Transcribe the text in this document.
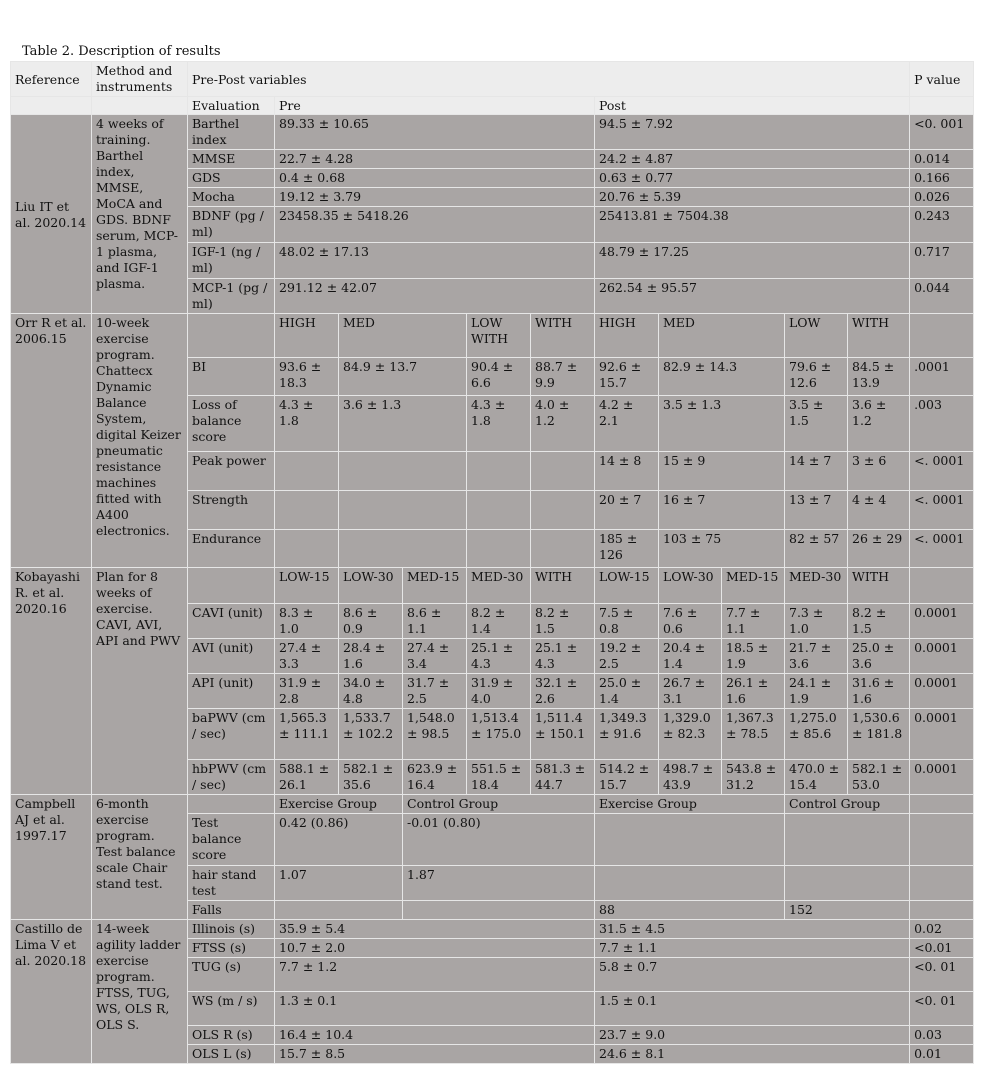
Table 2. Description of results
Reference	Method and instruments	Pre-Post variables											P value
		Evaluation	Pre					Post					
Liu IT et al. 2020.14	4 weeks of training. Barthel index, MMSE, MoCA and GDS. BDNF serum, MCP-1 plasma, and IGF-1 plasma.	Barthel index	89.33 ± 10.65					94.5 ± 7.92					<0. 001
		MMSE	22.7 ± 4.28					24.2 ± 4.87					0.014
		GDS	0.4 ± 0.68					0.63 ± 0.77					0.166
		Mocha	19.12 ± 3.79					20.76 ± 5.39					0.026
		BDNF (pg / ml)	23458.35 ± 5418.26					25413.81 ± 7504.38					0.243
		IGF-1 (ng / ml)	48.02 ± 17.13					48.79 ± 17.25					0.717
		MCP-1 (pg / ml)	291.12 ± 42.07					262.54 ± 95.57					0.044
Orr R et al. 2006.15	10-week exercise program. Chattecx Dynamic Balance System, digital Keizer pneumatic resistance machines fitted with A400 electronics.		HIGH	MED		LOW WITH	WITH	HIGH	MED		LOW	WITH	
		BI	93.6 ± 18.3	84.9 ± 13.7		90.4 ± 6.6	88.7 ± 9.9	92.6 ± 15.7	82.9 ± 14.3		79.6 ± 12.6	84.5 ± 13.9	.0001
		Loss of balance score	4.3 ± 1.8	3.6 ± 1.3		4.3 ± 1.8	4.0 ± 1.2	4.2 ± 2.1	3.5 ± 1.3		3.5 ± 1.5	3.6 ± 1.2	.003
		Peak power						14 ± 8	15 ± 9		14 ± 7	3 ± 6	<. 0001
		Strength						20 ± 7	16 ± 7		13 ± 7	4 ± 4	<. 0001
		Endurance						185 ± 126	103 ± 75		82 ± 57	26 ± 29	<. 0001
Kobayashi R. et al. 2020.16	Plan for 8 weeks of exercise. CAVI, AVI, API and PWV		LOW-15	LOW-30	MED-15	MED-30	WITH	LOW-15	LOW-30	MED-15	MED-30	WITH	
		CAVI (unit)	8.3 ± 1.0	8.6 ± 0.9	8.6 ± 1.1	8.2 ± 1.4	8.2 ± 1.5	7.5 ± 0.8	7.6 ± 0.6	7.7 ± 1.1	7.3 ± 1.0	8.2 ± 1.5	0.0001
		AVI (unit)	27.4 ± 3.3	28.4 ± 1.6	27.4 ± 3.4	25.1 ± 4.3	25.1 ± 4.3	19.2 ± 2.5	20.4 ± 1.4	18.5 ± 1.9	21.7 ± 3.6	25.0 ± 3.6	0.0001
		API (unit)	31.9 ± 2.8	34.0 ± 4.8	31.7 ± 2.5	31.9 ± 4.0	32.1 ± 2.6	25.0 ± 1.4	26.7 ± 3.1	26.1 ± 1.6	24.1 ± 1.9	31.6 ± 1.6	0.0001
		baPWV (cm / sec)	1,565.3 ± 111.1	1,533.7 ± 102.2	1,548.0 ± 98.5	1,513.4 ± 175.0	1,511.4 ± 150.1	1,349.3 ± 91.6	1,329.0 ± 82.3	1,367.3 ± 78.5	1,275.0 ± 85.6	1,530.6 ± 181.8	0.0001
		hbPWV (cm / sec)	588.1 ± 26.1	582.1 ± 35.6	623.9 ± 16.4	551.5 ± 18.4	581.3 ± 44.7	514.2 ± 15.7	498.7 ± 43.9	543.8 ± 31.2	470.0 ± 15.4	582.1 ± 53.0	0.0001
Campbell AJ et al. 1997.17	6-month exercise program. Test balance scale Chair stand test.		Exercise Group		Control Group			Exercise Group			Control Group		
		Test balance score	0.42 (0.86)		-0.01 (0.80)								
		hair stand test	1.07		1.87								
		Falls						88			152		
Castillo de Lima V et al. 2020.18	14-week agility ladder exercise program. FTSS, TUG, WS, OLS R, OLS S.	Illinois (s)	35.9 ± 5.4					31.5 ± 4.5					0.02
		FTSS (s)	10.7 ± 2.0					7.7 ± 1.1					<0.01
		TUG (s)	7.7 ± 1.2					5.8 ± 0.7					<0. 01
		WS (m / s)	1.3 ± 0.1					1.5 ± 0.1					<0. 01
		OLS R (s)	16.4 ± 10.4					23.7 ± 9.0					0.03
		OLS L (s)	15.7 ± 8.5					24.6 ± 8.1					0.01
